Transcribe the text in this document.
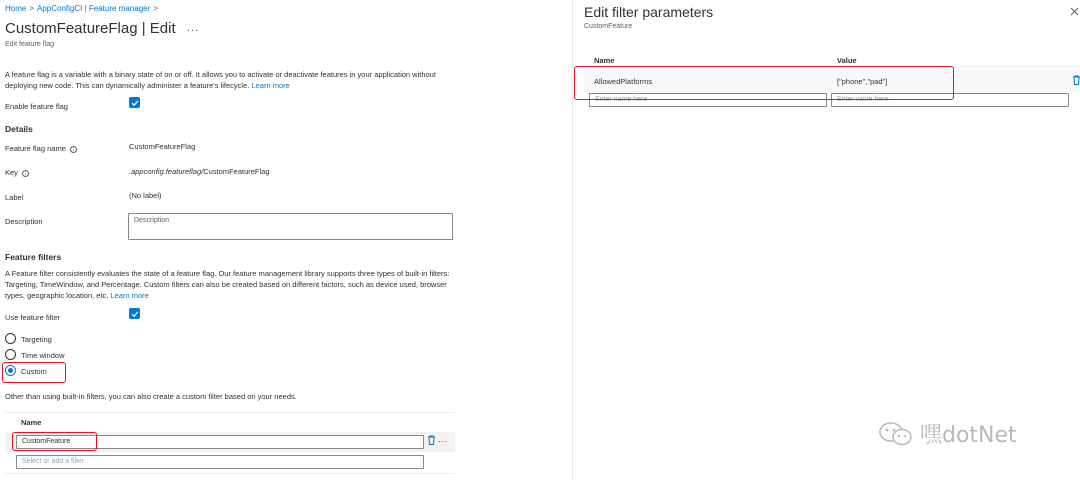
Home > AppConfigCI | Feature manager >
CustomFeatureFlag | Edit ...
Edit feature flag
A feature flag is a variable with a binary state of on or off. It allows you to activate or deactivate features in your application without deploying new code. This can dynamically administer a feature's lifecycle. Learn more
Enable feature flag
Details
Feature flag name i	CustomFeatureFlag
Key i	.appconfig.featureflag/CustomFeatureFlag
Label	(No label)
Description	Description
Feature filters
A Feature filter consistently evaluates the state of a feature flag. Our feature management library supports three types of built-in filters: Targeting, TimeWindow, and Percentage. Custom filters can also be created based on different factors, such as device used, browser types, geographic location, etc. Learn more
Use feature filter
Targeting
Time window
Custom
Other than using built-in filters, you can also create a custom filter based on your needs.
Name
CustomFeature	...
Select or add a filter
Edit filter parameters
CustomFeature
Name	Value
AllowedPlatforms	["phone","pad"]
Enter name here	Enter value here
嘿dotNet
